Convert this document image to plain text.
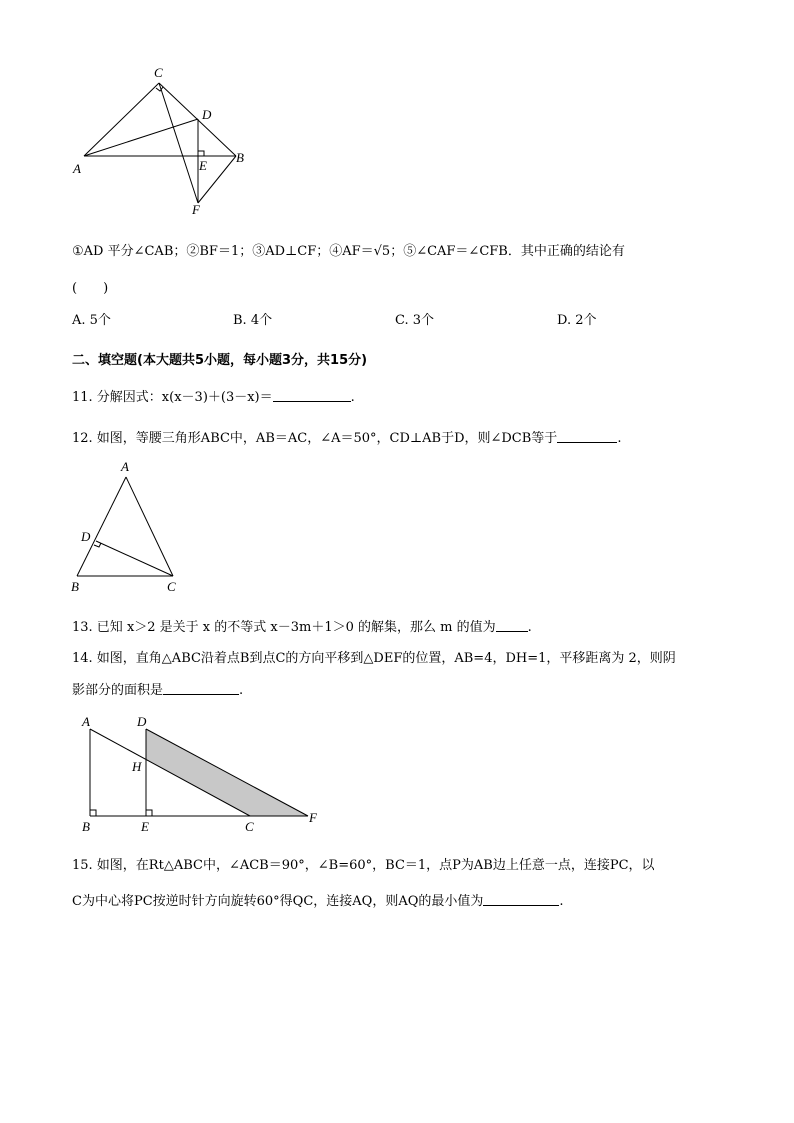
C
D
A	E
B
F
①AD 平分∠CAB；②BF＝1；③AD⊥CF；④AF＝√5；⑤∠CAF＝∠CFB．其中正确的结论有
(　　)
A. 5个	B. 4个	C. 3个	D. 2个
二、填空题(本大题共5小题，每小题3分，共15分)
11. 分解因式：x(x－3)＋(3－x)＝	.
12. 如图，等腰三角形ABC中，AB＝AC，∠A＝50°，CD⊥AB于D，则∠DCB等于	.
A
D
B	C
13. 已知 x＞2 是关于 x 的不等式 x－3m＋1＞0 的解集，那么 m 的值为 .
14. 如图，直角△ABC沿着点B到点C的方向平移到△DEF的位置，AB=4，DH=1，平移距离为 2，则阴
影部分的面积是	.
A	D
H
B	E	C
F
15. 如图，在Rt△ABC中，∠ACB＝90°，∠B=60°，BC＝1，点P为AB边上任意一点，连接PC，以
C为中心将PC按逆时针方向旋转60°得QC，连接AQ，则AQ的最小值为	.
